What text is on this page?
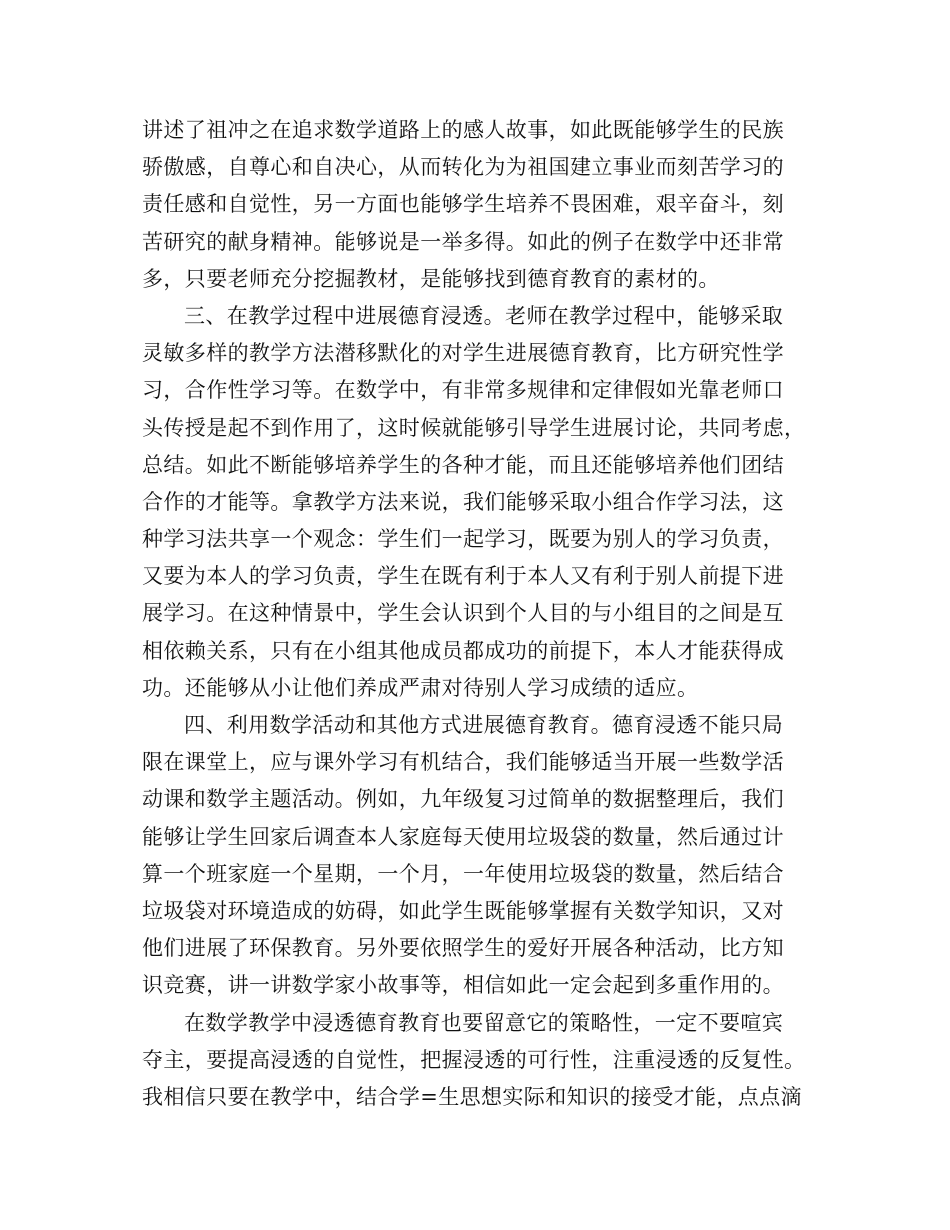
讲述了祖冲之在追求数学道路上的感人故事，如此既能够学生的民族
骄傲感，自尊心和自决心，从而转化为为祖国建立事业而刻苦学习的
责任感和自觉性，另一方面也能够学生培养不畏困难，艰辛奋斗，刻
苦研究的献身精神。能够说是一举多得。如此的例子在数学中还非常
多，只要老师充分挖掘教材，是能够找到德育教育的素材的。
三、在教学过程中进展德育浸透。老师在教学过程中，能够采取
灵敏多样的教学方法潜移默化的对学生进展德育教育，比方研究性学
习，合作性学习等。在数学中，有非常多规律和定律假如光靠老师口
头传授是起不到作用了，这时候就能够引导学生进展讨论，共同考虑，
总结。如此不断能够培养学生的各种才能，而且还能够培养他们团结
合作的才能等。拿教学方法来说，我们能够采取小组合作学习法，这
种学习法共享一个观念：学生们一起学习，既要为别人的学习负责，
又要为本人的学习负责，学生在既有利于本人又有利于别人前提下进
展学习。在这种情景中，学生会认识到个人目的与小组目的之间是互
相依赖关系，只有在小组其他成员都成功的前提下，本人才能获得成
功。还能够从小让他们养成严肃对待别人学习成绩的适应。
四、利用数学活动和其他方式进展德育教育。德育浸透不能只局
限在课堂上，应与课外学习有机结合，我们能够适当开展一些数学活
动课和数学主题活动。例如，九年级复习过简单的数据整理后，我们
能够让学生回家后调查本人家庭每天使用垃圾袋的数量，然后通过计
算一个班家庭一个星期，一个月，一年使用垃圾袋的数量，然后结合
垃圾袋对环境造成的妨碍，如此学生既能够掌握有关数学知识，又对
他们进展了环保教育。另外要依照学生的爱好开展各种活动，比方知
识竞赛，讲一讲数学家小故事等，相信如此一定会起到多重作用的。
在数学教学中浸透德育教育也要留意它的策略性，一定不要喧宾
夺主，要提高浸透的自觉性，把握浸透的可行性，注重浸透的反复性。
我相信只要在教学中，结合学=生思想实际和知识的接受才能，点点滴
